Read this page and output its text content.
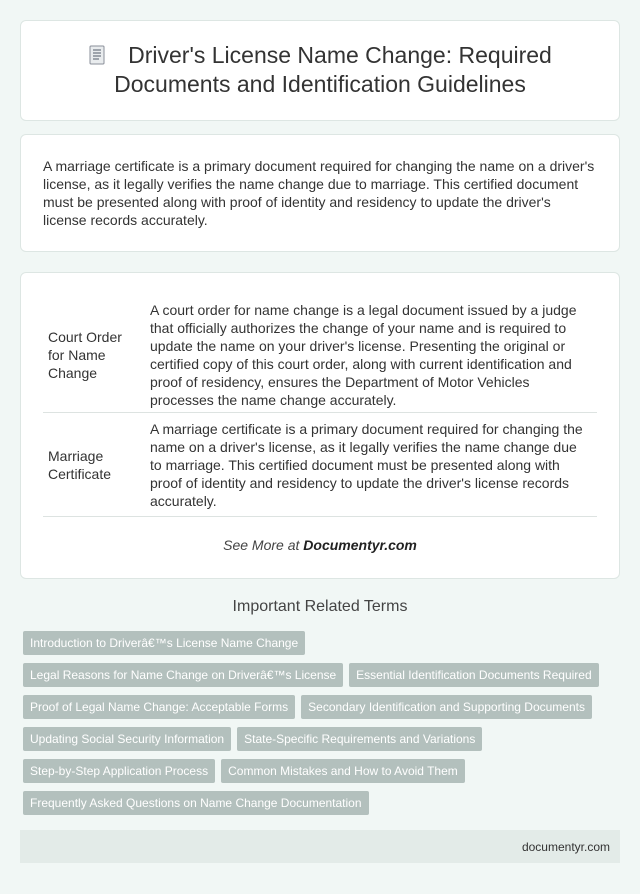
Driver's License Name Change: Required Documents and Identification Guidelines

A marriage certificate is a primary document required for changing the name on a driver's license, as it legally verifies the name change due to marriage. This certified document must be presented along with proof of identity and residency to update the driver's license records accurately.

Court Order for Name Change		A court order for name change is a legal document issued by a judge that officially authorizes the change of your name and is required to update the name on your driver's license. Presenting the original or certified copy of this court order, along with current identification and proof of residency, ensures the Department of Motor Vehicles processes the name change accurately.
Marriage Certificate		A marriage certificate is a primary document required for changing the name on a driver's license, as it legally verifies the name change due to marriage. This certified document must be presented along with proof of identity and residency to update the driver's license records accurately.

See More at Documentyr.com

Important Related Terms
Introduction to Driverâ€™s License Name Change
Legal Reasons for Name Change on Driverâ€™s License Essential Identification Documents Required
Proof of Legal Name Change: Acceptable Forms Secondary Identification and Supporting Documents
Updating Social Security Information State-Specific Requirements and Variations
Step-by-Step Application Process Common Mistakes and How to Avoid Them
Frequently Asked Questions on Name Change Documentation
documentyr.com
